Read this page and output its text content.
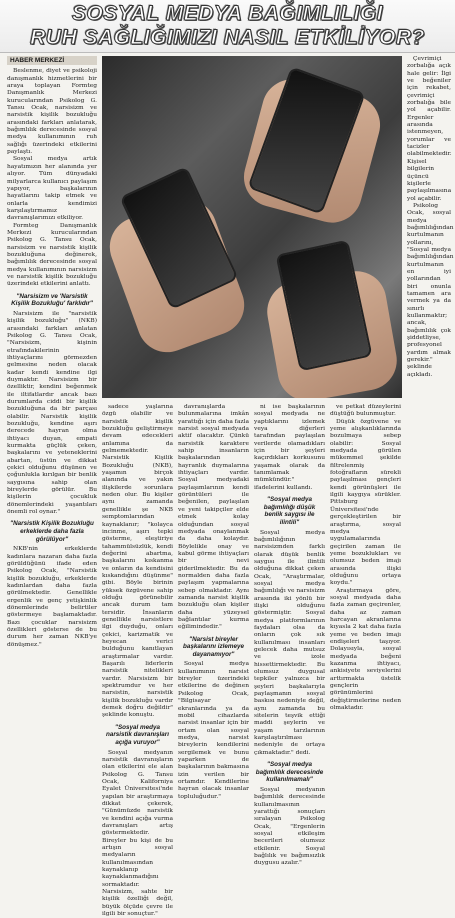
SOSYAL MEDYA BAĞIMLILIĞI
RUH SAĞLIĞIMIZI NASIL ETKİLİYOR?
HABER MERKEZİ

Beslenme, diyet ve psikoloji danışmanlık hizmetlerini bir araya toplayan Formteg Danışmanlık Merkezi kurucularından Psikolog G. Tansu Ocak, narsisizm ve narsistik kişilik bozukluğu arasındaki farkları anlatarak, bağımlılık derecesinde sosyal medya kullanımının ruh sağlığı üzerindeki etkilerini paylaştı.

Sosyal medya artık hayatımızın her alanında yer alıyor. Tüm dünyadaki milyarlarca kullanıcı paylaşım yapıyor, başkalarının hayatlarını takip etmek ve onlarla kendimizi karşılaştırmamız davranışlarımızı etkiliyor.

Formteg Danışmanlık Merkezi kurucularından Psikolog G. Tansu Ocak, narsisizm ve narsistik kişilik bozukluğuna değinerek, bağımlılık derecesinde sosyal medya kullanımının narsisizm ve narsistik kişilik bozukluğu üzerindeki etkilerini anlattı.

"Narsisizm ve 'Narsistik Kişilik Bozukluğu' farklıdır"

Narsisizm ile "narsistik kişilik bozukluğu" (NKB) arasındaki farkları anlatan Psikolog G. Tansu Ocak, "Narsisizm, kişinin etrafındakilerinin ihtiyaçlarını görmezden gelmesine neden olacak kadar kendi kendine ilgi duymaktır. Narsisizm bir özelliktir, kendini beğenmek ile iltifatlardır ancak bazı durumlarda ciddi bir kişilik bozukluğuna da bir parçası olabilir. Narsistik kişilik bozukluğu, kendine aşırı derecede hayran olma ihtiyacı duyan, empati kurmakta güçlük çeken, başkalarını ve yeteneklerini abartan, üstün ve dikkat çekici olduğunu düşünen ve çoğunlukla kırılgan bir benlik saygısına sahip olan bireylerde görülür. Bu kişilerin çocukluk dönemlerindeki yaşantıları önemli rol oynar."

"Narsistik Kişilik Bozukluğu erkeklerde daha fazla görülüyor"

NKB'nin erkeklerde kadınlara nazaran daha fazla görüldüğünü ifade eden Psikolog Ocak, "Narsistik kişilik bozukluğu, erkeklerde kadınlardan daha fazla görülmektedir. Genellikle ergenlik ve genç yetişkinlik dönemlerinde belirtiler göstermeye başlamaktadır. Bazı çocuklar narsisizm özellikleri gösterse de bu durum her zaman NKB'ye dönüşmez."

sadece yaşlarına özgü olabilir ve narsistik kişilik bozukluğu geliştirmeye devam edecekleri anlamına da gelmemektedir. Narsistik Kişilik Bozukluğu (NKB), yaşamın birçok alanında ve yakın ilişkilerde sorunlara neden olur. Bu kişiler aynı zamanda genellikle şe NKB semptomlarından kaynaklanır; "kolayca incinme, aşırı tepki gösterme, eleştiriye tahammülsüzlük, kendi değerini abartma, başkalarını kıskanma ve onların da kendisini kıskandığını düşünme" gibi. Böyle birinin yüksek özgüvene sahip olduğu görünebilir ancak durum tam tersidir. İnsanların genellikle narsistlere ilgi duyduğu, onları çekici, karizmatik ve heyecan verici bulduğunu kanıtlayan araştırmalar vardır. Başarılı liderlerin narsistik nitelikleri vardır. Narsisizm bir spektrumdur ve her narsistin, narsistik kişilik bozukluğu vardır demek doğru değildir" şeklinde konuştu.

"Sosyal medya narsistik davranışları açığa vuruyor"

Sosyal medyanın narsistik davranışların olan etkilerini ele alan Psikolog G. Tansu Ocak, Kaliforniya Eyalet Üniversitesi'nde yapılan bir araştırmaya dikkat çekerek, "Günümüzde narsistik ve kendini açığa vurma davranışları artış göstermektedir. Bireyler bu kişi de bu artışın sosyal medyaların kullanılmasından kaynaklanıp kaynaklanmadığını sormaktadır. Narsisizm, sahte bir kişilik özelliği değil, büyük ölçüde çevre ile ilgili bir sonuçtur."

davranışlarda bulunmalarına imkân yarattığı için daha fazla narsist sosyal medyada aktif olacaktır. Çünkü narsistik karaktere sahip insanların başkalarından hayranlık duymalarına ihtiyaçları vardır. Sosyal medyadaki paylaşımlarının kendi görüntüleri ile beğenilen, paylaşılan ve yeni takipçiler elde etmek kolay olduğundan sosyal medyada onaylanmak da daha kolaydır. Böylelikle onay ve kabul görme ihtiyaçları bir nevi giderilmektedir. Bu da normalden daha fazla paylaşım yapmalarına sebep olmaktadır. Aynı zamanda narsist kişilik bozukluğu olan kişiler daha yüzeysel bağlantılar kurma eğilimindedir."

"Narsist bireyler başkalarını izlemeye dayanamıyor"

Sosyal medya kullanımının narsist bireyler üzerindeki etkilerine de değinen Psikolog Ocak, "Bilgisayar ekranlarında ya da mobil cihazlarda narsist insanlar için bir ortam olan sosyal medya, narsist bireylerin kendilerini sergilemek ve bunu yaparken de başkalarının bakmasına izin verilen bir ortamdır. Kendilerine hayran olacak insanlar topluluğudur."

ni ise başkalarının sosyal medyada ne yaptıklarını izlemek veya diğerleri tarafından paylaşılan verilerde olamadıkları için bir şeyleri kaçırdıkları korkusunu yaşamak olarak da tanımlamak mümkündür." ifadelerini kullandı.

"Sosyal medya bağımlılığı düşük benlik saygısı ile ilintili"

Sosyal medya bağımlılığının narsisizmden farklı olarak düşük benlik saygısı ile ilintili olduğuna dikkat çeken Ocak, "Araştırmalar, sosyal medya bağımlılığı ve narsisizm arasında iki yönlü bir ilişki olduğunu göstermiştir. Sosyal medya platformlarının faydaları olsa da onların çok sık kullanılması insanları gelecek daha mutsuz ve izole hissettirmektedir. Bu olumsuz duygusal tepkiler yalnızca bir şeyleri başkalarıyla paylaşmanın sosyal baskısı nedeniyle değil, aynı zamanda bu sitelerin teşvik ettiği maddi şeylerin ve yaşam tarzlarının karşılaştırılması nedeniyle de ortaya çıkmaktadır." dedi.

"Sosyal medya bağımlılık derecesinde kullanılmamalı"

Sosyal medyanın bağımlılık derecesinde kullanılmasının yarattığı sonuçları sıralayan Psikolog Ocak, "Ergenlerin sosyal etkileşim becerileri olumsuz etkilenir. Sosyal bağlılık ve bağımsızlık duygusu azalır."

ve petkat düzeylerini düştüğü bulunmuştur.

Düşük özgüvene ve yeme alışkanlıklarında bozulmaya sebep olabilir: Sosyal medyada görülen mükemmel şekilde filtrelenmiş fotoğrafların sürekli paylaşılması gençleri kendi görünüşleri ile ilgili kaygıya sürükler. Pittsburg Üniversitesi'nde gerçekleştirilen bir araştırma, sosyal medya uygulamalarında geçirilen zaman ile yeme bozuklukları ve olumsuz beden imajı arasında ilişki olduğunu ortaya koydu."

Araştırmaya göre, sosyal medyada daha fazla zaman geçirenler, daha az zaman harcayan akranlarına kıyasla 2 kat daha fazla yeme ve beden imajı endişeleri taşıyor. Dolayısıyla, sosyal medyada beğeni kazanma ihtiyacı, ankisiyete seviyelerini arttırmakta üstelik gençlerin görünümlerini değiştirmelerine neden olmaktadır.

Çevrimiçi zorbalığa açık hale gelir: İlgi ve beğeniler için rekabet, çevrimiçi zorbalığa bile yol açabilir. Ergenler arasında istenmeyen, yorumlar ve tacizler olabilmektedir. Kişisel bilgilerin üçüncü kişilerle paylaşılmasına yol açabilir.

Psikolog Ocak, sosyal medya bağımlılığından kurtulmanın yollarını, "Sosyal medya bağımlılığından kurtulmanın en iyi yollarından biri onunla tamamen ara vermek ya da sınırlı kullanmaktır; ancak, bağımlılık çok şiddetliyse, profesyonel yardım almak gerekir." şeklinde açıkladı.
